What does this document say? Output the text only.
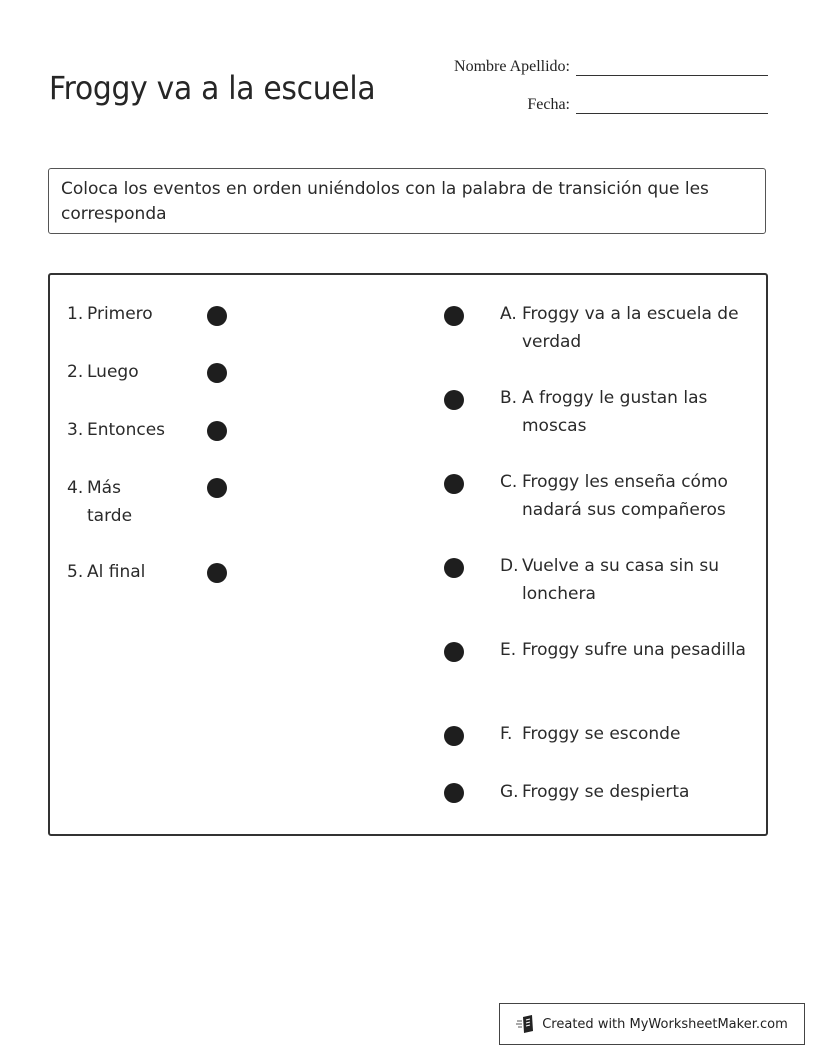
Froggy va a la escuela
Nombre Apellido:
Fecha:
Coloca los eventos en orden uniéndolos con la palabra de transición que les corresponda
1. Primero
2. Luego
3. Entonces
4. Más tarde
5. Al final
A. Froggy va a la escuela de verdad
B. A froggy le gustan las moscas
C. Froggy les enseña cómo nadará sus compañeros
D. Vuelve a su casa sin su lonchera
E. Froggy sufre una pesadilla
F. Froggy se esconde
G. Froggy se despierta
Created with MyWorksheetMaker.com
